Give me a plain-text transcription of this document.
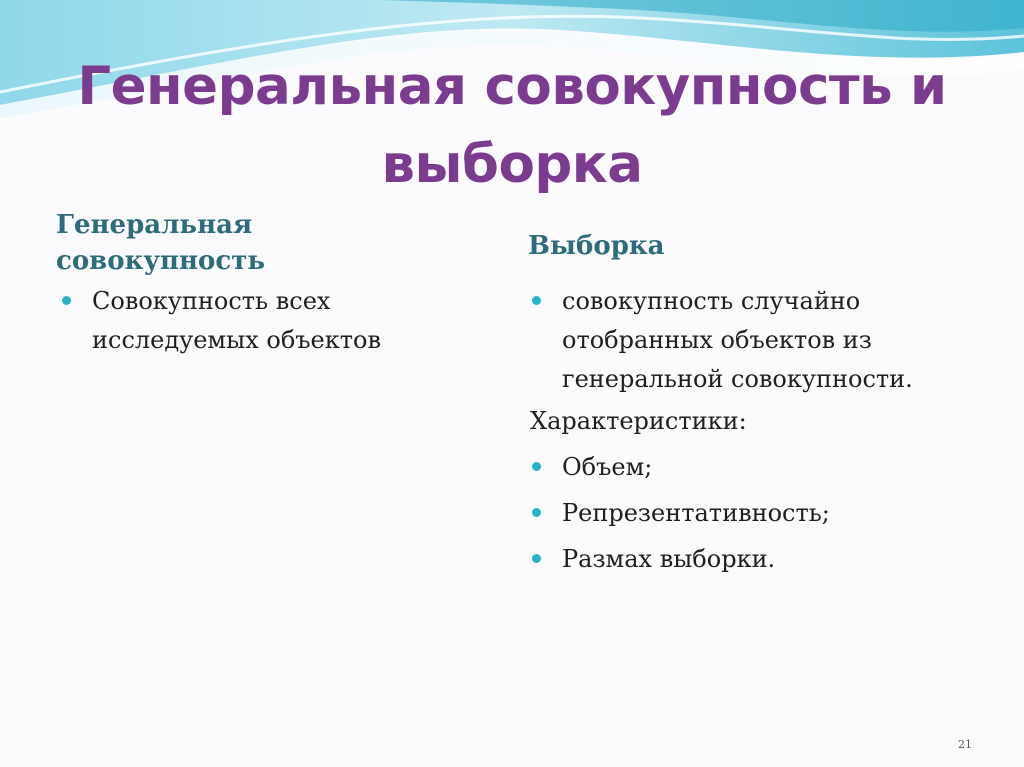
Генеральная совокупность и выборка
Генеральная
совокупность	Выборка
Совокупность всех
исследуемых объектов
совокупность случайно
отобранных объектов из
генеральной совокупности.
Характеристики:
Объем;
Репрезентативность;
Размах выборки.
21
